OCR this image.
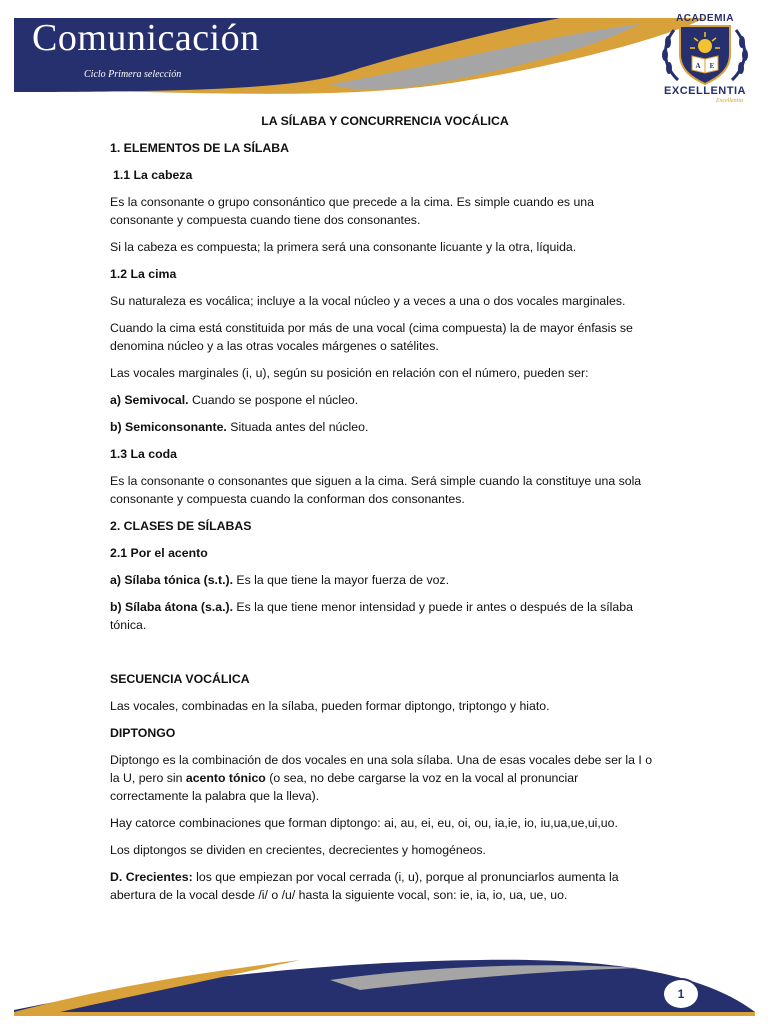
Comunicación
Ciclo Primera selección
ACADEMIA
A E
EXCELLENTIA
Excellentia

LA SÍLABA Y CONCURRENCIA VOCÁLICA

1. ELEMENTOS DE LA SÍLABA

1.1 La cabeza

Es la consonante o grupo consonántico que precede a la cima. Es simple cuando es una consonante y compuesta cuando tiene dos consonantes.

Si la cabeza es compuesta; la primera será una consonante licuante y la otra, líquida.

1.2 La cima

Su naturaleza es vocálica; incluye a la vocal núcleo y a veces a una o dos vocales marginales.

Cuando la cima está constituida por más de una vocal (cima compuesta) la de mayor énfasis se denomina núcleo y a las otras vocales márgenes o satélites.

Las vocales marginales (i, u), según su posición en relación con el número, pueden ser:

a) Semivocal. Cuando se pospone el núcleo.

b) Semiconsonante. Situada antes del núcleo.

1.3 La coda

Es la consonante o consonantes que siguen a la cima. Será simple cuando la constituye una sola consonante y compuesta cuando la conforman dos consonantes.

2. CLASES DE SÍLABAS

2.1 Por el acento

a) Sílaba tónica (s.t.). Es la que tiene la mayor fuerza de voz.

b) Sílaba átona (s.a.). Es la que tiene menor intensidad y puede ir antes o después de la sílaba tónica.

SECUENCIA VOCÁLICA

Las vocales, combinadas en la sílaba, pueden formar diptongo, triptongo y hiato.

DIPTONGO

Diptongo es la combinación de dos vocales en una sola sílaba. Una de esas vocales debe ser la I o la U, pero sin acento tónico (o sea, no debe cargarse la voz en la vocal al pronunciar correctamente la palabra que la lleva).

Hay catorce combinaciones que forman diptongo: ai, au, ei, eu, oi, ou, ia,ie, io, iu,ua,ue,ui,uo.

Los diptongos se dividen en crecientes, decrecientes y homogéneos.

D. Crecientes: los que empiezan por vocal cerrada (i, u), porque al pronunciarlos aumenta la abertura de la vocal desde /i/ o /u/ hasta la siguiente vocal, son: ie, ia, io, ua, ue, uo.

1
